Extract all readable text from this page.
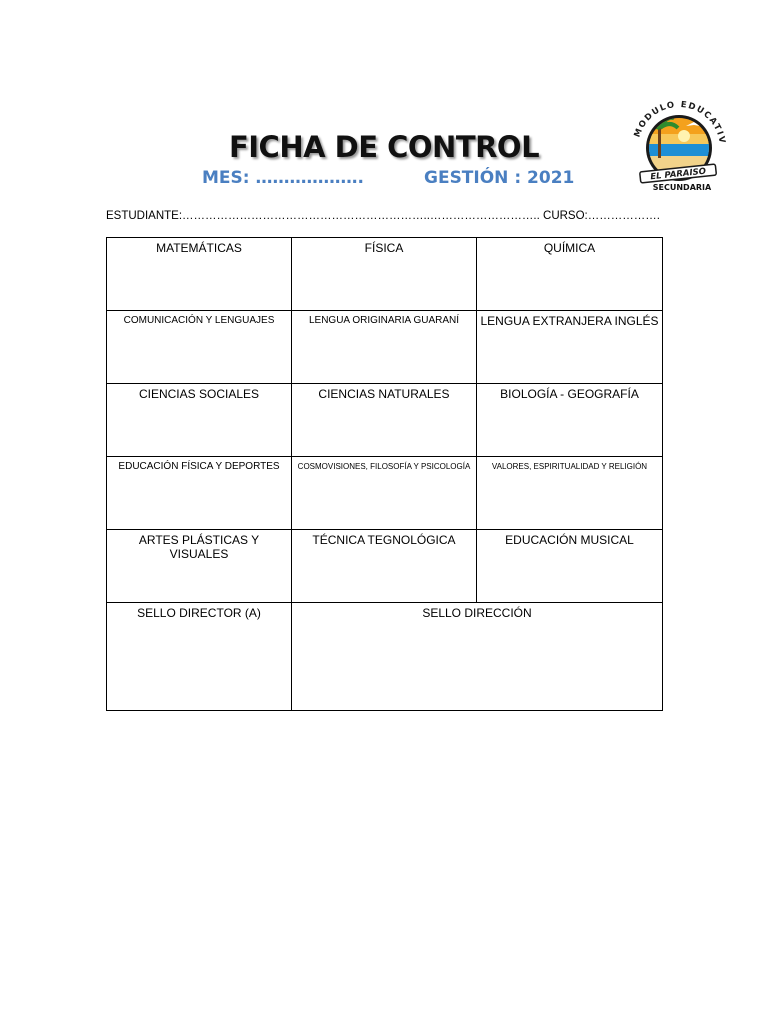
FICHA DE CONTROL
MES: ……………….	GESTIÓN : 2021
MODULO EDUCATIV
EL PARAISO
SECUNDARIA
ESTUDIANTE:………………………………………………………..……………………….. CURSO:……………….
MATEMÁTICAS	FÍSICA	QUÍMICA
COMUNICACIÓN Y LENGUAJES	LENGUA ORIGINARIA GUARANÍ	LENGUA EXTRANJERA INGLÉS
CIENCIAS SOCIALES	CIENCIAS NATURALES	BIOLOGÍA - GEOGRAFÍA
EDUCACIÓN FÍSICA Y DEPORTES	COSMOVISIONES, FILOSOFÍA Y PSICOLOGÍA	VALORES, ESPIRITUALIDAD Y RELIGIÓN
ARTES PLÁSTICAS Y VISUALES	TÉCNICA TEGNOLÓGICA	EDUCACIÓN MUSICAL
SELLO DIRECTOR (A)	SELLO DIRECCIÓN	
